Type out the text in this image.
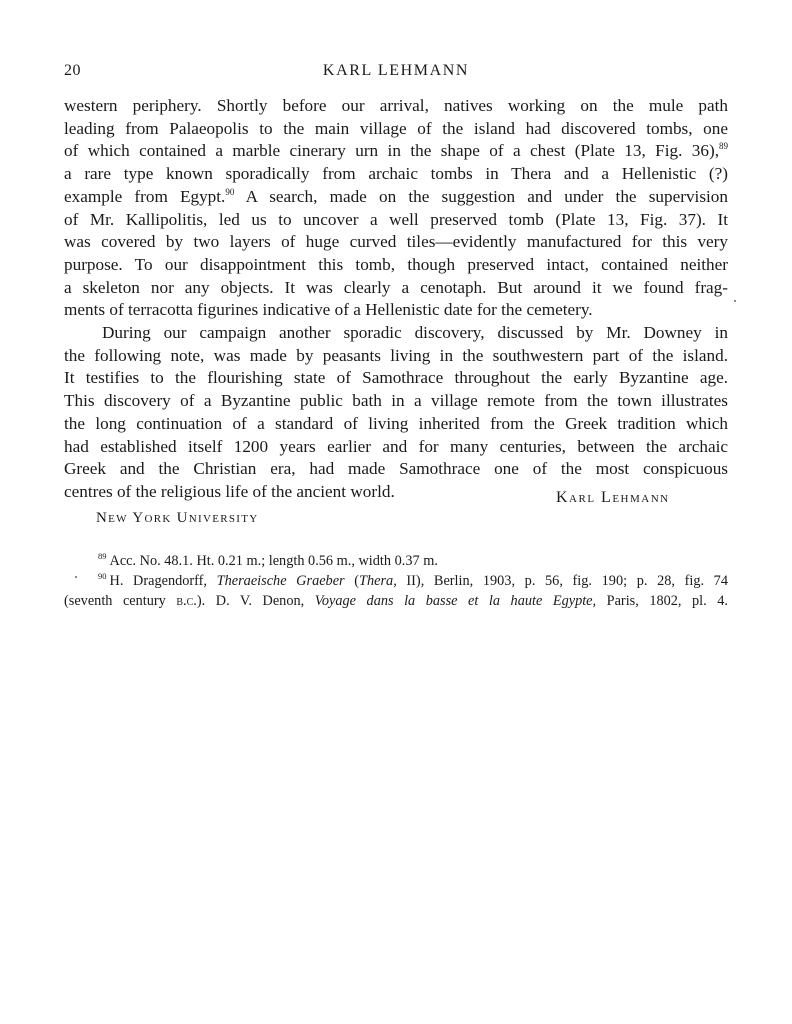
20	KARL LEHMANN
western periphery. Shortly before our arrival, natives working on the mule path
leading from Palaeopolis to the main village of the island had discovered tombs, one
of which contained a marble cinerary urn in the shape of a chest (Plate 13, Fig. 36),$^{89}$
a rare type known sporadically from archaic tombs in Thera and a Hellenistic (?)
example from Egypt.$^{90}$ A search, made on the suggestion and under the supervision
of Mr. Kallipolitis, led us to uncover a well preserved tomb (Plate 13, Fig. 37). It
was covered by two layers of huge curved tiles—evidently manufactured for this very
purpose. To our disappointment this tomb, though preserved intact, contained neither
a skeleton nor any objects. It was clearly a cenotaph. But around it we found frag-
ments of terracotta figurines indicative of a Hellenistic date for the cemetery.
During our campaign another sporadic discovery, discussed by Mr. Downey in
the following note, was made by peasants living in the southwestern part of the island.
It testifies to the flourishing state of Samothrace throughout the early Byzantine age.
This discovery of a Byzantine public bath in a village remote from the town illustrates
the long continuation of a standard of living inherited from the Greek tradition which
had established itself 1200 years earlier and for many centuries, between the archaic
Greek and the Christian era, had made Samothrace one of the most conspicuous
centres of the religious life of the ancient world.	Karl Lehmann
New York University
$^{89}$ Acc. No. 48.1. Ht. 0.21 m.; length 0.56 m., width 0.37 m.
$^{90}$ H. Dragendorff, Theraeische Graeber (Thera, II), Berlin, 1903, p. 56, fig. 190; p. 28, fig. 74
(seventh century b.c.). D. V. Denon, Voyage dans la basse et la haute Egypte, Paris, 1802, pl. 4.
